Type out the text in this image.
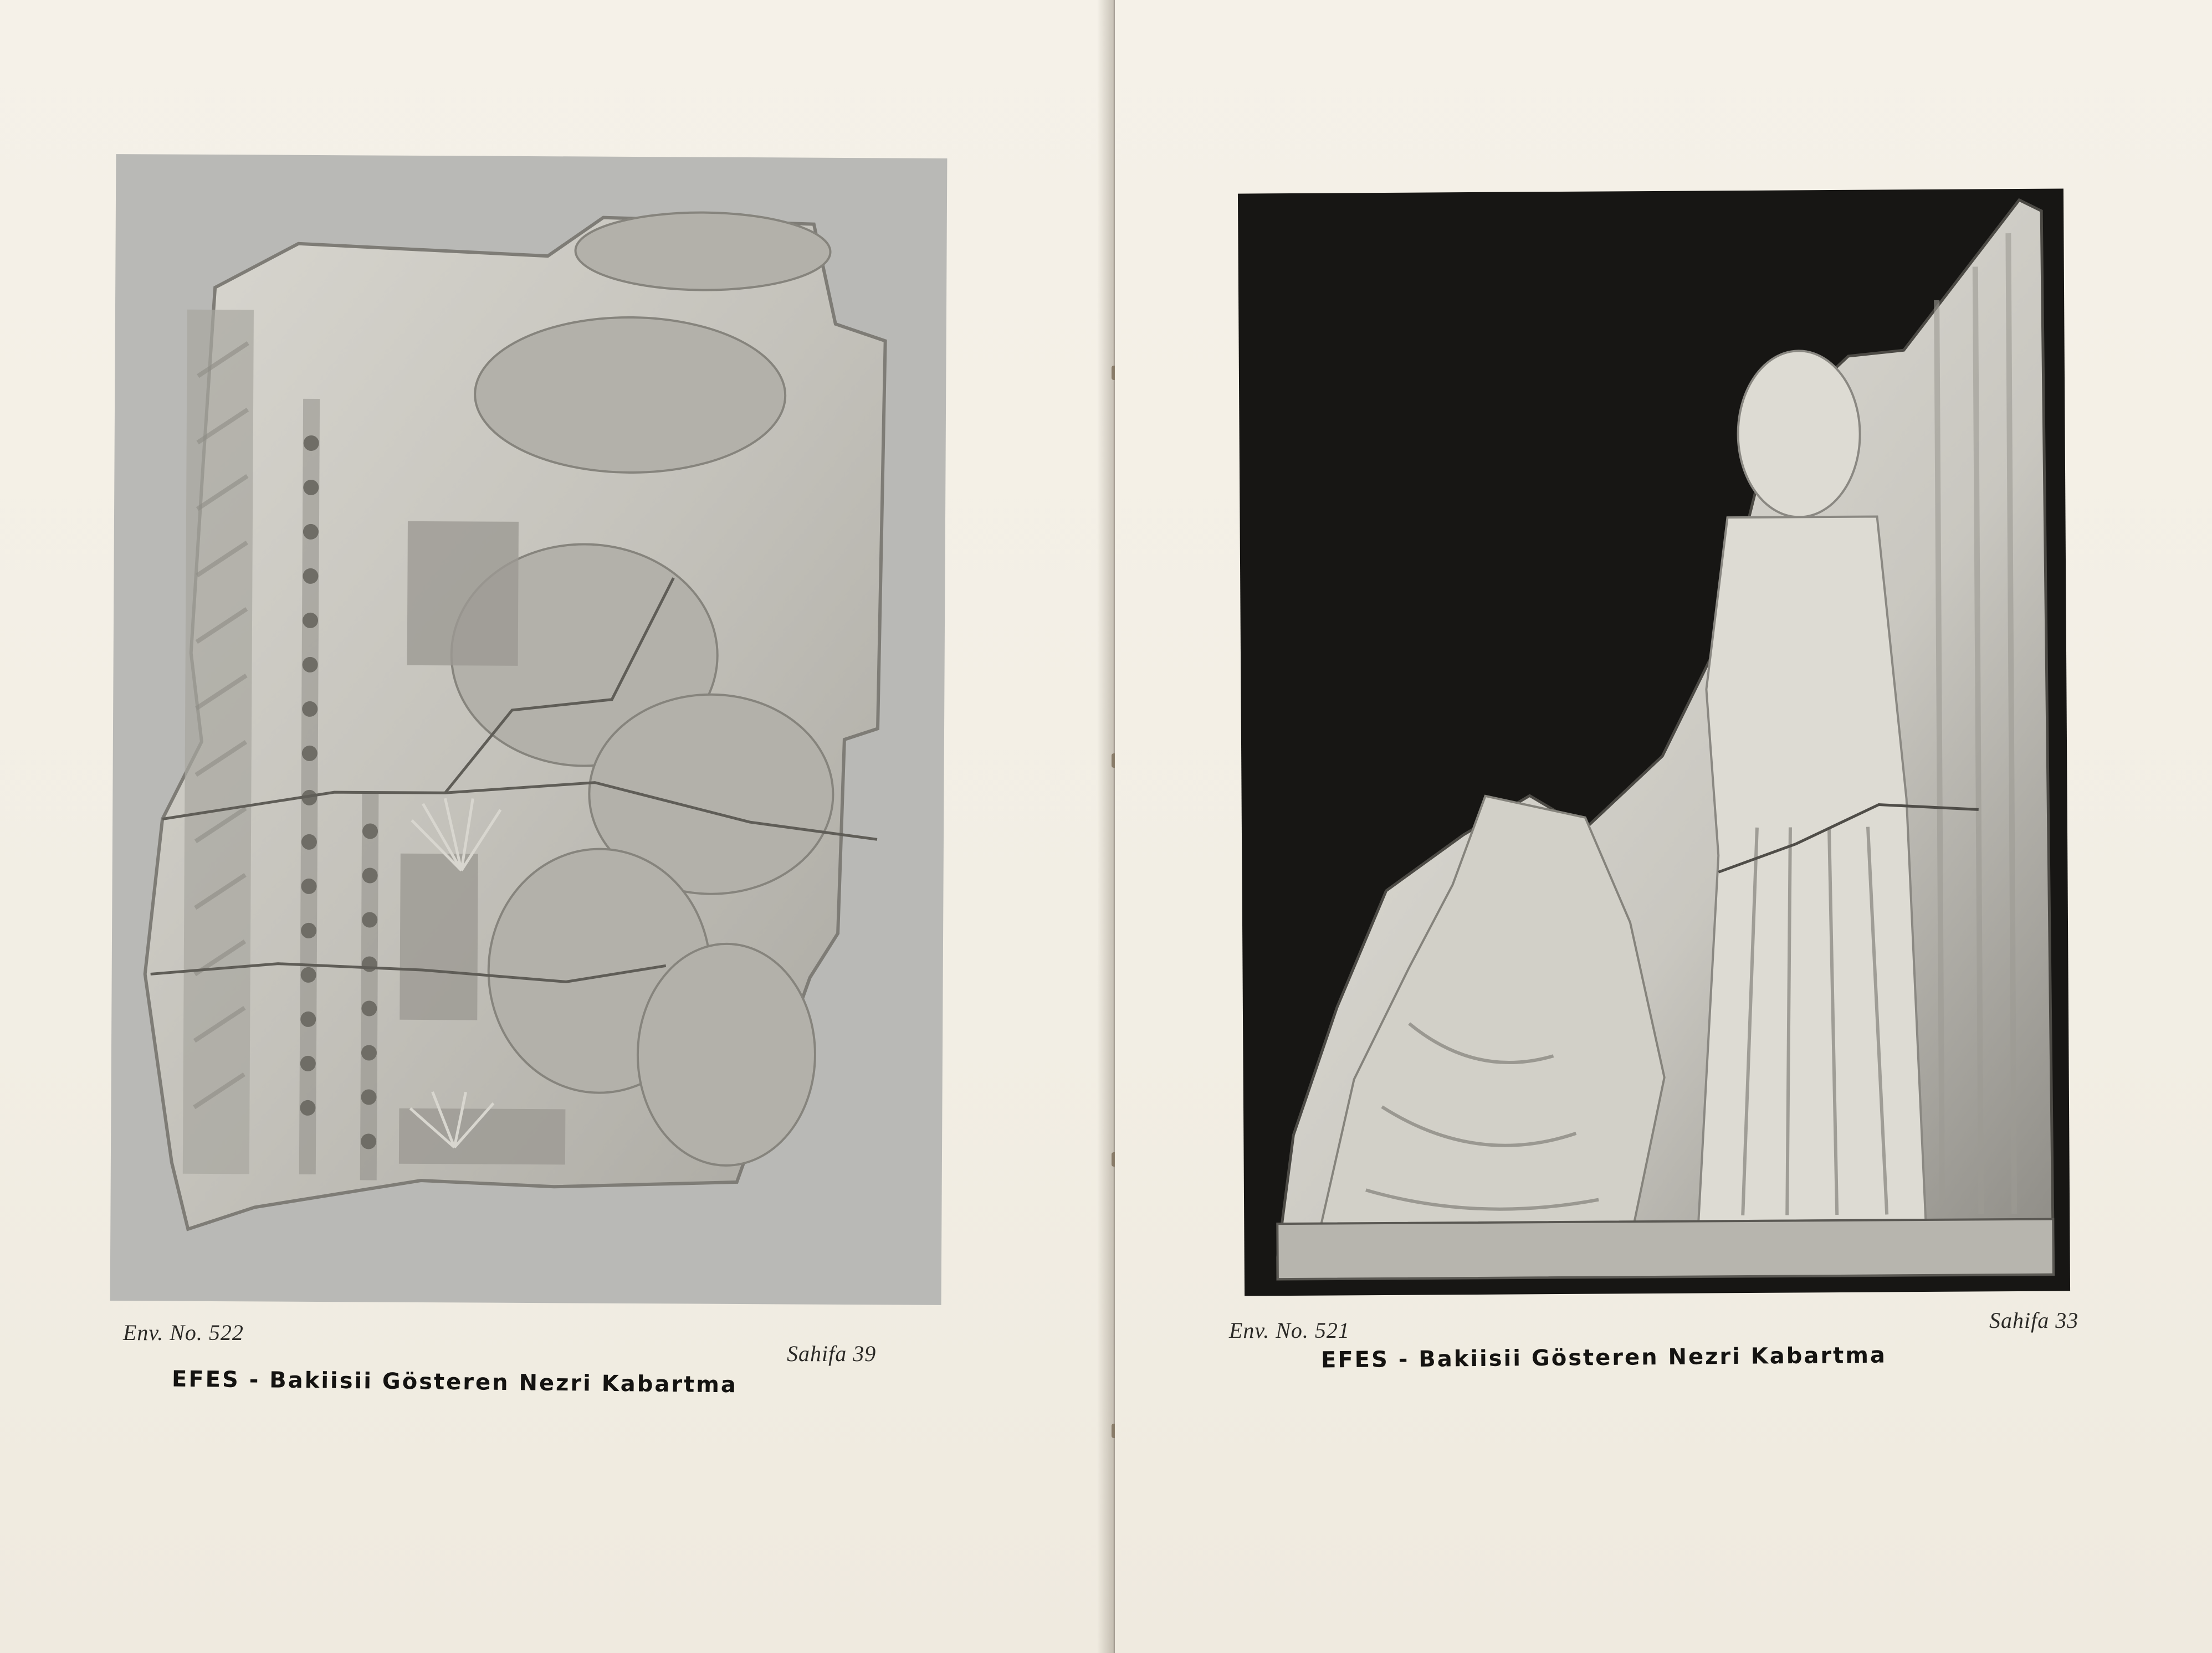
Env. No. 522
Sahifa 39
EFES - Bakiisii Gösteren Nezri Kabartma
Env. No. 521	Sahifa 33
EFES - Bakiisii Gösteren Nezri Kabartma
